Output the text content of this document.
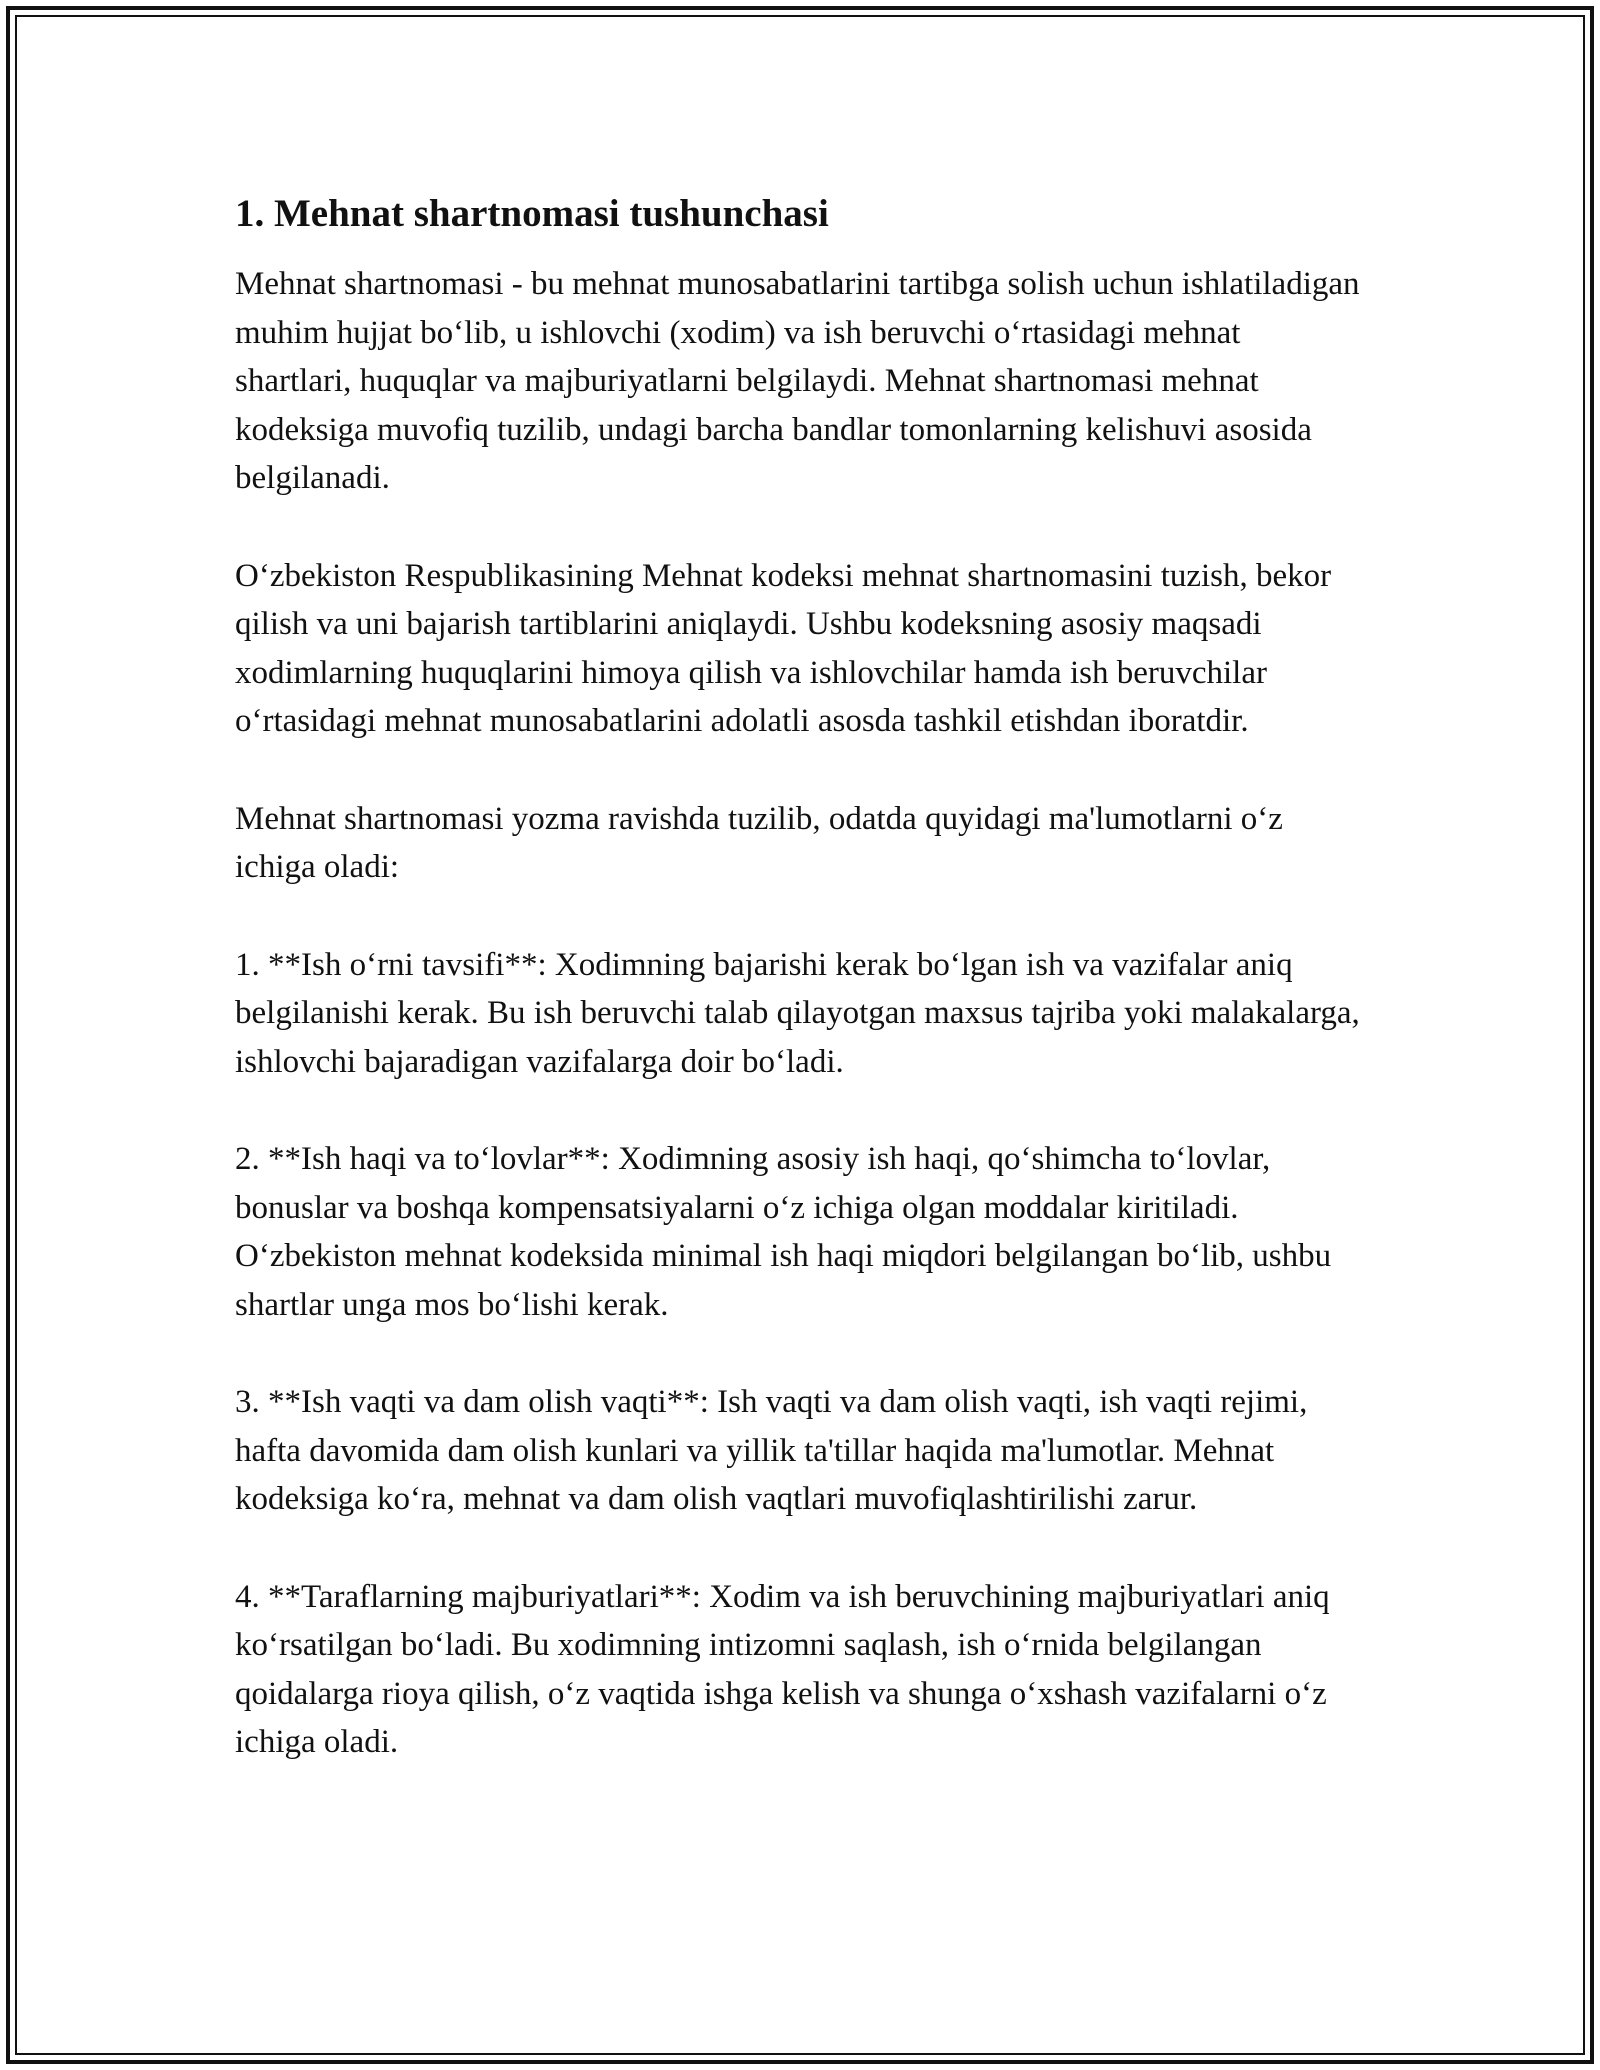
1. Mehnat shartnomasi tushunchasi

Mehnat shartnomasi - bu mehnat munosabatlarini tartibga solish uchun ishlatiladigan muhim hujjat bo‘lib, u ishlovchi (xodim) va ish beruvchi o‘rtasidagi mehnat shartlari, huquqlar va majburiyatlarni belgilaydi. Mehnat shartnomasi mehnat kodeksiga muvofiq tuzilib, undagi barcha bandlar tomonlarning kelishuvi asosida belgilanadi.

O‘zbekiston Respublikasining Mehnat kodeksi mehnat shartnomasini tuzish, bekor qilish va uni bajarish tartiblarini aniqlaydi. Ushbu kodeksning asosiy maqsadi xodimlarning huquqlarini himoya qilish va ishlovchilar hamda ish beruvchilar o‘rtasidagi mehnat munosabatlarini adolatli asosda tashkil etishdan iboratdir.

Mehnat shartnomasi yozma ravishda tuzilib, odatda quyidagi ma'lumotlarni o‘z ichiga oladi:

1. **Ish o‘rni tavsifi**: Xodimning bajarishi kerak bo‘lgan ish va vazifalar aniq belgilanishi kerak. Bu ish beruvchi talab qilayotgan maxsus tajriba yoki malakalarga, ishlovchi bajaradigan vazifalarga doir bo‘ladi.

2. **Ish haqi va to‘lovlar**: Xodimning asosiy ish haqi, qo‘shimcha to‘lovlar, bonuslar va boshqa kompensatsiyalarni o‘z ichiga olgan moddalar kiritiladi. O‘zbekiston mehnat kodeksida minimal ish haqi miqdori belgilangan bo‘lib, ushbu shartlar unga mos bo‘lishi kerak.

3. **Ish vaqti va dam olish vaqti**: Ish vaqti va dam olish vaqti, ish vaqti rejimi, hafta davomida dam olish kunlari va yillik ta'tillar haqida ma'lumotlar. Mehnat kodeksiga ko‘ra, mehnat va dam olish vaqtlari muvofiqlashtirilishi zarur.

4. **Taraflarning majburiyatlari**: Xodim va ish beruvchining majburiyatlari aniq ko‘rsatilgan bo‘ladi. Bu xodimning intizomni saqlash, ish o‘rnida belgilangan qoidalarga rioya qilish, o‘z vaqtida ishga kelish va shunga o‘xshash vazifalarni o‘z ichiga oladi.
